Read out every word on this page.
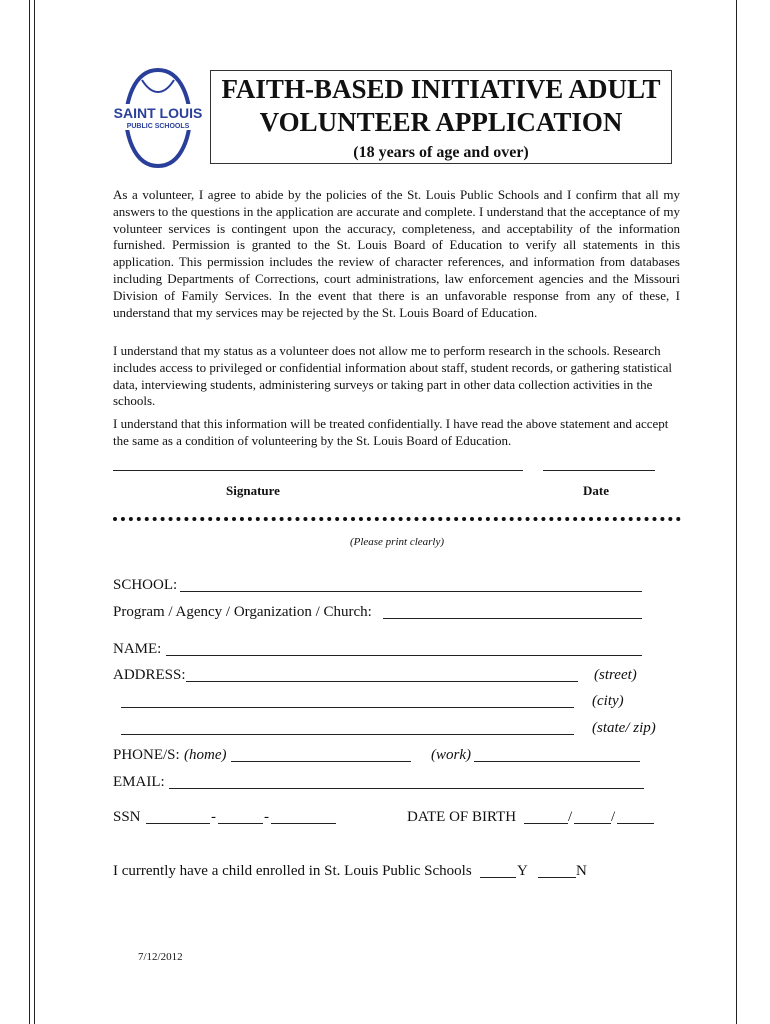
SAINT LOUIS
PUBLIC SCHOOLS
FAITH-BASED INITIATIVE ADULT
VOLUNTEER APPLICATION
(18 years of age and over)
As a volunteer, I agree to abide by the policies of the St. Louis Public Schools and I confirm that all my answers to the questions in the application are accurate and complete. I understand that the acceptance of my volunteer services is contingent upon the accuracy, completeness, and acceptability of the information furnished. Permission is granted to the St. Louis Board of Education to verify all statements in this application. This permission includes the review of character references, and information from databases including Departments of Corrections, court administrations, law enforcement agencies and the Missouri Division of Family Services. In the event that there is an unfavorable response from any of these, I understand that my services may be rejected by the St. Louis Board of Education.
I understand that my status as a volunteer does not allow me to perform research in the schools. Research includes access to privileged or confidential information about staff, student records, or gathering statistical data, interviewing students, administering surveys or taking part in other data collection activities in the schools.
I understand that this information will be treated confidentially. I have read the above statement and accept the same as a condition of volunteering by the St. Louis Board of Education.
Signature	Date
(Please print clearly)
SCHOOL:
Program / Agency / Organization / Church:
NAME:
ADDRESS:	(street)
(city)
(state/ zip)
PHONE/S: (home)	(work)
EMAIL:
SSN	-	-	DATE OF BIRTH	/	/
I currently have a child enrolled in St. Louis Public Schools	Y	N
7/12/2012
